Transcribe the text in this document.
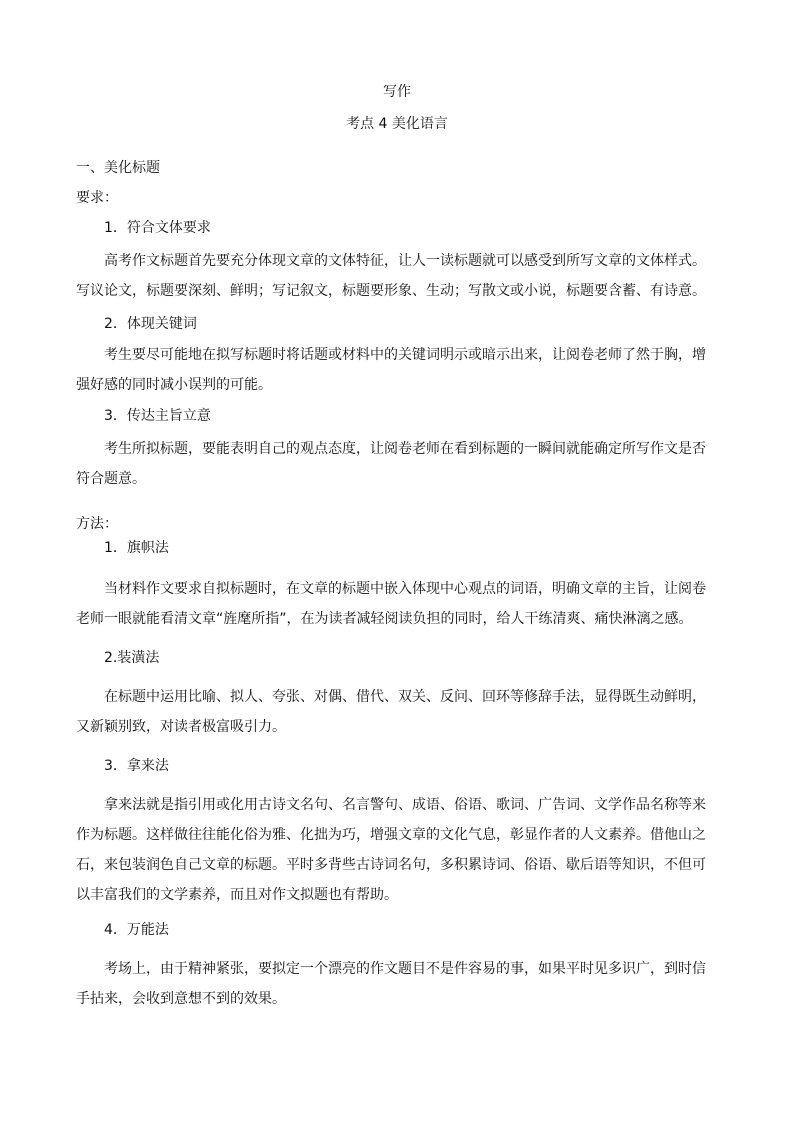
写作
考点 4 美化语言
一、美化标题
要求：
1．符合文体要求
高考作文标题首先要充分体现文章的文体特征，让人一读标题就可以感受到所写文章的文体样式。写议论文，标题要深刻、鲜明；写记叙文，标题要形象、生动；写散文或小说，标题要含蓄、有诗意。
2．体现关键词
考生要尽可能地在拟写标题时将话题或材料中的关键词明示或暗示出来，让阅卷老师了然于胸，增强好感的同时减小误判的可能。
3．传达主旨立意
考生所拟标题，要能表明自己的观点态度，让阅卷老师在看到标题的一瞬间就能确定所写作文是否符合题意。
方法：
1．旗帜法
当材料作文要求自拟标题时，在文章的标题中嵌入体现中心观点的词语，明确文章的主旨，让阅卷老师一眼就能看清文章“旌麾所指”，在为读者减轻阅读负担的同时，给人干练清爽、痛快淋漓之感。
2.装潢法
在标题中运用比喻、拟人、夸张、对偶、借代、双关、反问、回环等修辞手法，显得既生动鲜明，又新颖别致，对读者极富吸引力。
3．拿来法
拿来法就是指引用或化用古诗文名句、名言警句、成语、俗语、歌词、广告词、文学作品名称等来作为标题。这样做往往能化俗为雅、化拙为巧，增强文章的文化气息，彰显作者的人文素养。借他山之石，来包装润色自己文章的标题。平时多背些古诗词名句，多积累诗词、俗语、歇后语等知识，不但可以丰富我们的文学素养，而且对作文拟题也有帮助。
4．万能法
考场上，由于精神紧张，要拟定一个漂亮的作文题目不是件容易的事，如果平时见多识广，到时信手拈来，会收到意想不到的效果。
